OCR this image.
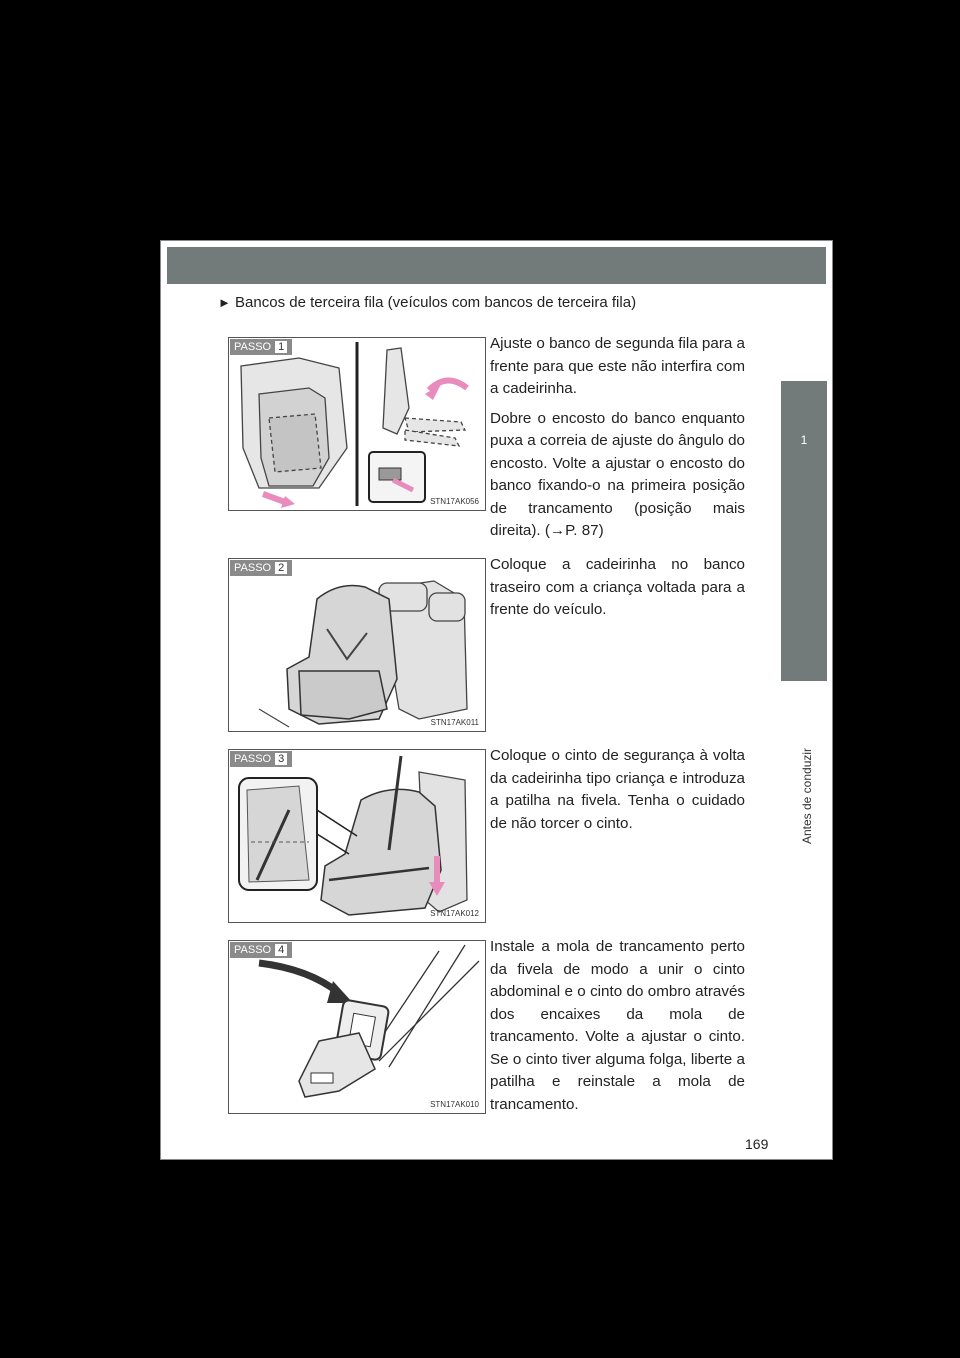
1
Antes de conduzir
► Bancos de terceira fila (veículos com bancos de terceira fila)
PASSO 1
STN17AK056

Ajuste o banco de segunda fila para a frente para que este não interfira com a cadeirinha.

Dobre o encosto do banco enquanto puxa a correia de ajuste do ângulo do encosto. Volte a ajustar o encosto do banco fixando-o na primeira posição de trancamento (posição mais direita). (→P. 87)

PASSO 2
STN17AK011

Coloque a cadeirinha no banco traseiro com a criança voltada para a frente do veículo.

PASSO 3
STN17AK012

Coloque o cinto de segurança à volta da cadeirinha tipo criança e introduza a patilha na fivela. Tenha o cuidado de não torcer o cinto.

PASSO 4
STN17AK010

Instale a mola de trancamento perto da fivela de modo a unir o cinto abdominal e o cinto do ombro através dos encaixes da mola de trancamento. Volte a ajustar o cinto. Se o cinto tiver alguma folga, liberte a patilha e reinstale a mola de trancamento.

169
